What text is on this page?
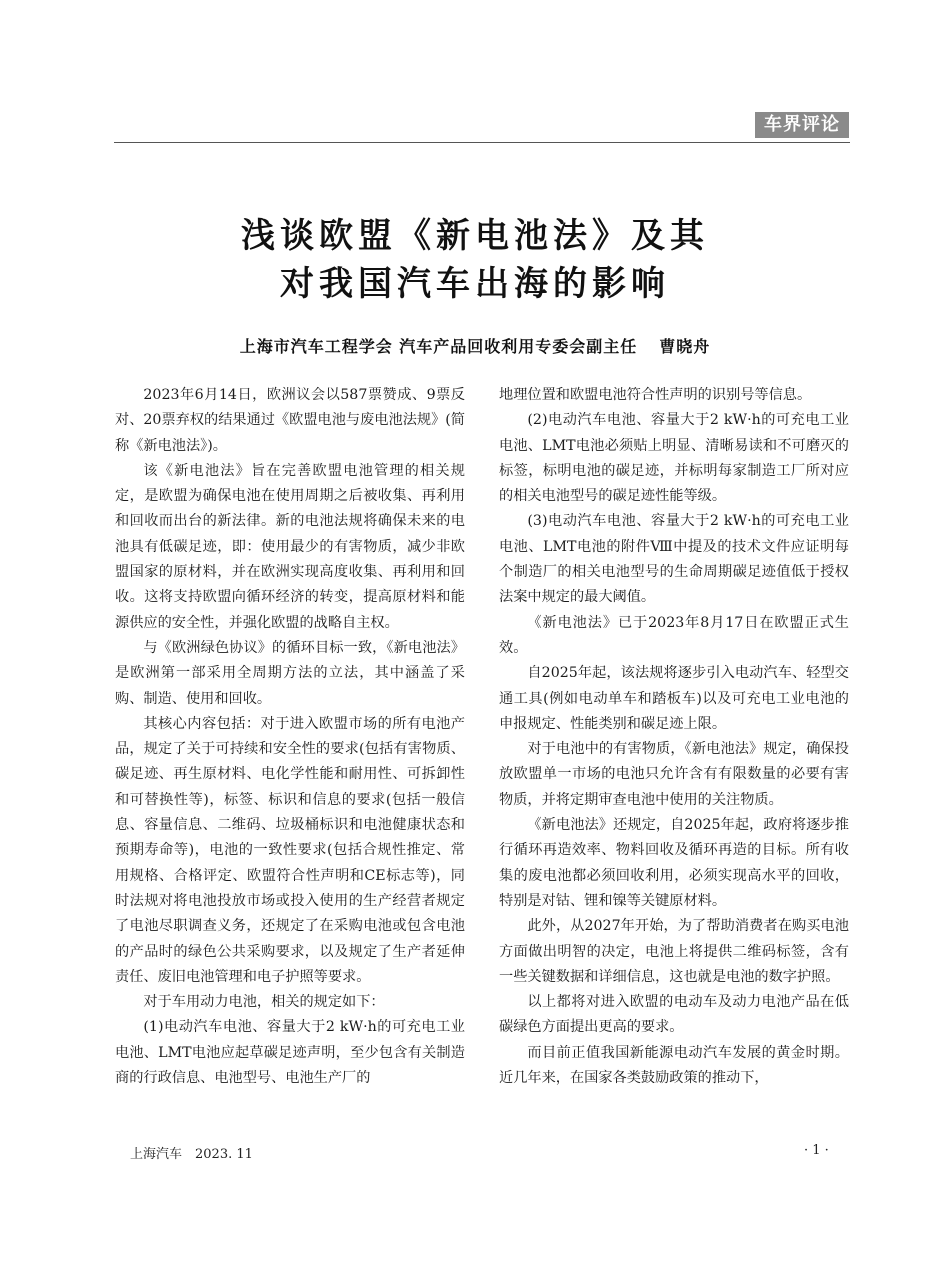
车界评论
浅谈欧盟《新电池法》及其
对我国汽车出海的影响
上海市汽车工程学会 汽车产品回收利用专委会副主任 曹晓舟

2023年6月14日，欧洲议会以587票赞成、9票反对、20票弃权的结果通过《欧盟电池与废电池法规》(简称《新电池法》)。

该《新电池法》旨在完善欧盟电池管理的相关规定，是欧盟为确保电池在使用周期之后被收集、再利用和回收而出台的新法律。新的电池法规将确保未来的电池具有低碳足迹，即：使用最少的有害物质，减少非欧盟国家的原材料，并在欧洲实现高度收集、再利用和回收。这将支持欧盟向循环经济的转变，提高原材料和能源供应的安全性，并强化欧盟的战略自主权。

与《欧洲绿色协议》的循环目标一致，《新电池法》是欧洲第一部采用全周期方法的立法，其中涵盖了采购、制造、使用和回收。

其核心内容包括：对于进入欧盟市场的所有电池产品，规定了关于可持续和安全性的要求(包括有害物质、碳足迹、再生原材料、电化学性能和耐用性、可拆卸性和可替换性等)，标签、标识和信息的要求(包括一般信息、容量信息、二维码、垃圾桶标识和电池健康状态和预期寿命等)，电池的一致性要求(包括合规性推定、常用规格、合格评定、欧盟符合性声明和CE标志等)，同时法规对将电池投放市场或投入使用的生产经营者规定了电池尽职调查义务，还规定了在采购电池或包含电池的产品时的绿色公共采购要求，以及规定了生产者延伸责任、废旧电池管理和电子护照等要求。

对于车用动力电池，相关的规定如下：

(1)电动汽车电池、容量大于2 kW·h的可充电工业电池、LMT电池应起草碳足迹声明，至少包含有关制造商的行政信息、电池型号、电池生产厂的

地理位置和欧盟电池符合性声明的识别号等信息。

(2)电动汽车电池、容量大于2 kW·h的可充电工业电池、LMT电池必须贴上明显、清晰易读和不可磨灭的标签，标明电池的碳足迹，并标明每家制造工厂所对应的相关电池型号的碳足迹性能等级。

(3)电动汽车电池、容量大于2 kW·h的可充电工业电池、LMT电池的附件Ⅷ中提及的技术文件应证明每个制造厂的相关电池型号的生命周期碳足迹值低于授权法案中规定的最大阈值。

《新电池法》已于2023年8月17日在欧盟正式生效。

自2025年起，该法规将逐步引入电动汽车、轻型交通工具(例如电动单车和踏板车)以及可充电工业电池的申报规定、性能类别和碳足迹上限。

对于电池中的有害物质，《新电池法》规定，确保投放欧盟单一市场的电池只允许含有有限数量的必要有害物质，并将定期审查电池中使用的关注物质。

《新电池法》还规定，自2025年起，政府将逐步推行循环再造效率、物料回收及循环再造的目标。所有收集的废电池都必须回收利用，必须实现高水平的回收，特别是对钴、锂和镍等关键原材料。

此外，从2027年开始，为了帮助消费者在购买电池方面做出明智的决定，电池上将提供二维码标签，含有一些关键数据和详细信息，这也就是电池的数字护照。

以上都将对进入欧盟的电动车及动力电池产品在低碳绿色方面提出更高的要求。

而目前正值我国新能源电动汽车发展的黄金时期。近几年来，在国家各类鼓励政策的推动下，

上海汽车　2023. 11	· 1 ·
